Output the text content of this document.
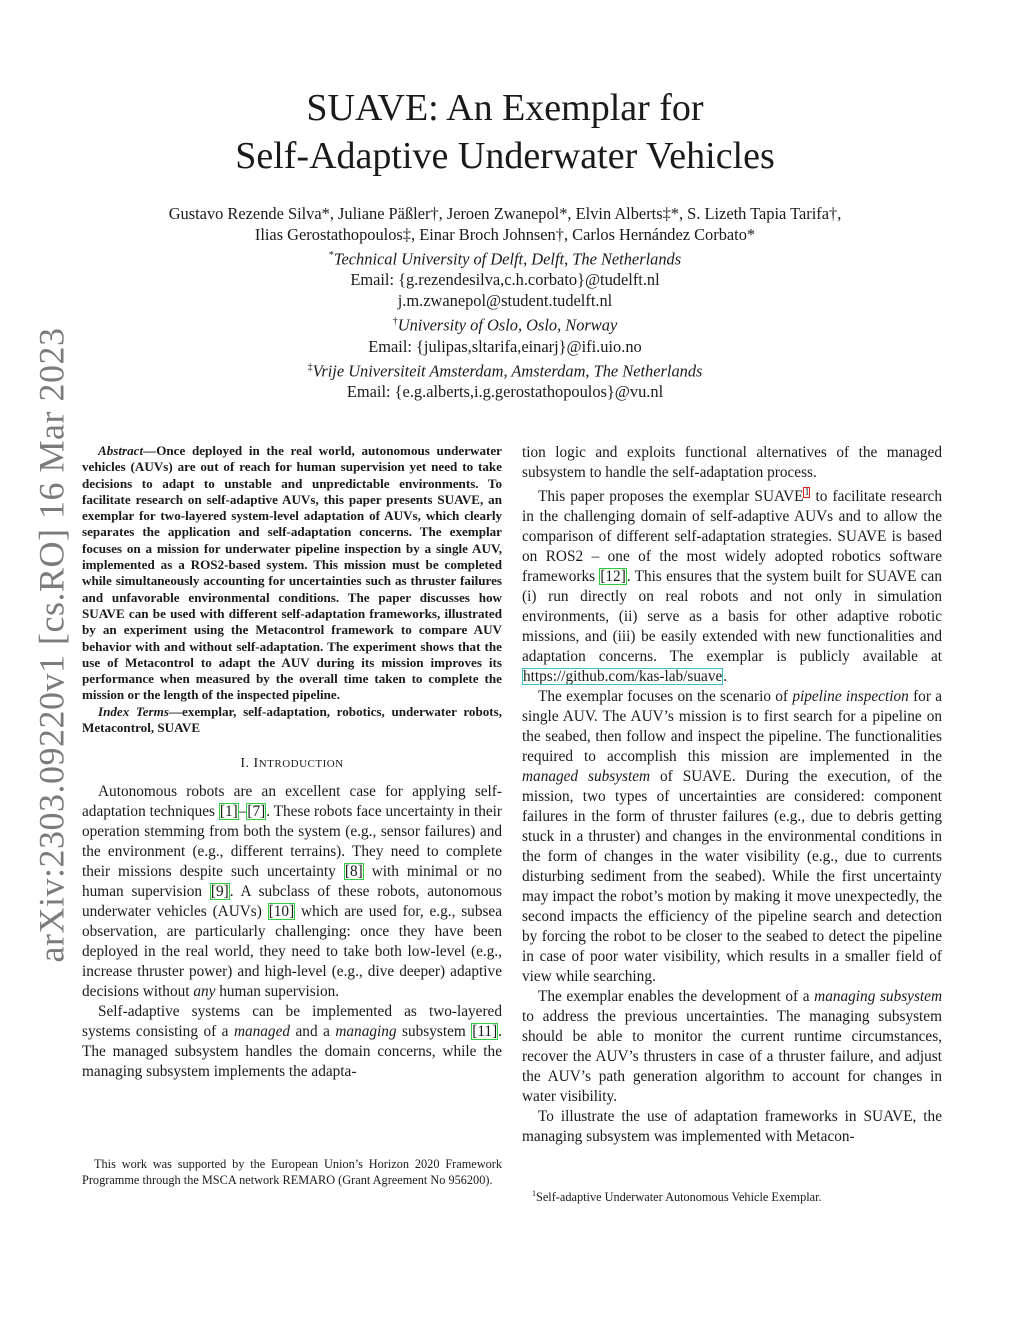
arXiv:2303.09220v1 [cs.RO] 16 Mar 2023
SUAVE: An Exemplar for
Self-Adaptive Underwater Vehicles
Gustavo Rezende Silva*, Juliane Päßler†, Jeroen Zwanepol*, Elvin Alberts‡*, S. Lizeth Tapia Tarifa†,
Ilias Gerostathopoulos‡, Einar Broch Johnsen†, Carlos Hernández Corbato*
*Technical University of Delft, Delft, The Netherlands
Email: {g.rezendesilva,c.h.corbato}@tudelft.nl
j.m.zwanepol@student.tudelft.nl
†University of Oslo, Oslo, Norway
Email: {julipas,sltarifa,einarj}@ifi.uio.no
‡Vrije Universiteit Amsterdam, Amsterdam, The Netherlands
Email: {e.g.alberts,i.g.gerostathopoulos}@vu.nl

Abstract—Once deployed in the real world, autonomous underwater vehicles (AUVs) are out of reach for human supervision yet need to take decisions to adapt to unstable and unpredictable environments. To facilitate research on self-adaptive AUVs, this paper presents SUAVE, an exemplar for two-layered system-level adaptation of AUVs, which clearly separates the application and self-adaptation concerns. The exemplar focuses on a mission for underwater pipeline inspection by a single AUV, implemented as a ROS2-based system. This mission must be completed while simultaneously accounting for uncertainties such as thruster failures and unfavorable environmental conditions. The paper discusses how SUAVE can be used with different self-adaptation frameworks, illustrated by an experiment using the Metacontrol framework to compare AUV behavior with and without self-adaptation. The experiment shows that the use of Metacontrol to adapt the AUV during its mission improves its performance when measured by the overall time taken to complete the mission or the length of the inspected pipeline.

Index Terms—exemplar, self-adaptation, robotics, underwater robots, Metacontrol, SUAVE

I. INTRODUCTION

Autonomous robots are an excellent case for applying self-adaptation techniques [1]–[7]. These robots face uncertainty in their operation stemming from both the system (e.g., sensor failures) and the environment (e.g., different terrains). They need to complete their missions despite such uncertainty [8] with minimal or no human supervision [9]. A subclass of these robots, autonomous underwater vehicles (AUVs) [10] which are used for, e.g., subsea observation, are particularly challenging: once they have been deployed in the real world, they need to take both low-level (e.g., increase thruster power) and high-level (e.g., dive deeper) adaptive decisions without any human supervision.

Self-adaptive systems can be implemented as two-layered systems consisting of a managed and a managing subsystem [11]. The managed subsystem handles the domain concerns, while the managing subsystem implements the adapta-

This work was supported by the European Union’s Horizon 2020 Framework Programme through the MSCA network REMARO (Grant Agreement No 956200).

tion logic and exploits functional alternatives of the managed subsystem to handle the self-adaptation process.

This paper proposes the exemplar SUAVE$^1$ to facilitate research in the challenging domain of self-adaptive AUVs and to allow the comparison of different self-adaptation strategies. SUAVE is based on ROS2 – one of the most widely adopted robotics software frameworks [12]. This ensures that the system built for SUAVE can (i) run directly on real robots and not only in simulation environments, (ii) serve as a basis for other adaptive robotic missions, and (iii) be easily extended with new functionalities and adaptation concerns. The exemplar is publicly available at https://github.com/kas-lab/suave.

The exemplar focuses on the scenario of pipeline inspection for a single AUV. The AUV’s mission is to first search for a pipeline on the seabed, then follow and inspect the pipeline. The functionalities required to accomplish this mission are implemented in the managed subsystem of SUAVE. During the execution, of the mission, two types of uncertainties are considered: component failures in the form of thruster failures (e.g., due to debris getting stuck in a thruster) and changes in the environmental conditions in the form of changes in the water visibility (e.g., due to currents disturbing sediment from the seabed). While the first uncertainty may impact the robot’s motion by making it move unexpectedly, the second impacts the efficiency of the pipeline search and detection by forcing the robot to be closer to the seabed to detect the pipeline in case of poor water visibility, which results in a smaller field of view while searching.

The exemplar enables the development of a managing subsystem to address the previous uncertainties. The managing subsystem should be able to monitor the current runtime circumstances, recover the AUV’s thrusters in case of a thruster failure, and adjust the AUV’s path generation algorithm to account for changes in water visibility.

To illustrate the use of adaptation frameworks in SUAVE, the managing subsystem was implemented with Metacon-

$^1$Self-adaptive Underwater Autonomous Vehicle Exemplar.
